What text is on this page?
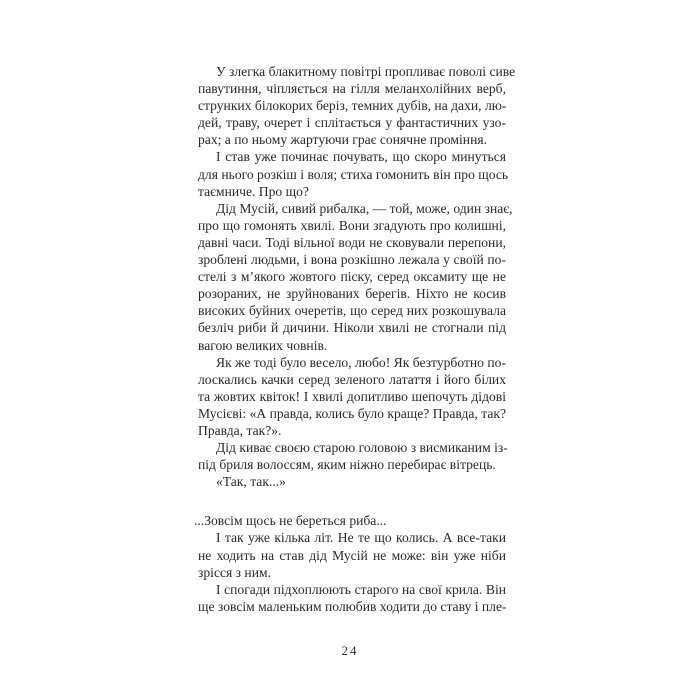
У злегка блакитному повітрі пропливає поволі сиве
павутиння, чіпляється на гілля меланхолійних верб,
струнких білокорих беріз, темних дубів, на дахи, лю-
дей, траву, очерет і сплітається у фантастичних узо-
рах; а по ньому жартуючи грає сонячне проміння.
І став уже починає почувать, що скоро минуться
для нього розкіш і воля; стиха гомонить він про щось
таємниче. Про що?
Дід Мусій, сивий рибалка, — той, може, один знає,
про що гомонять хвилі. Вони згадують про колишні,
давні часи. Тоді вільної води не сковували перепони,
зроблені людьми, і вона розкішно лежала у своїй по-
стелі з м’якого жовтого піску, серед оксамиту ще не
розораних, не зруйнованих берегів. Ніхто не косив
високих буйних очеретів, що серед них розкошувала
безліч риби й дичини. Ніколи хвилі не стогнали під
вагою великих човнів.
Як же тоді було весело, любо! Як безтурботно по-
лоскались качки серед зеленого латаття і його білих
та жовтих квіток! І хвилі допитливо шепочуть дідові
Мусієві: «А правда, колись було краще? Правда, так?
Правда, так?».
Дід киває своєю старою головою з висмиканим із-
під бриля волоссям, яким ніжно перебирає вітрець.
«Так, так...»
...Зовсім щось не береться риба...
І так уже кілька літ. Не те що колись. А все-таки
не ходить на став дід Мусій не може: він уже ніби
зрісся з ним.
І спогади підхоплюють старого на свої крила. Він
ще зовсім маленьким полюбив ходити до ставу і пле-
24
